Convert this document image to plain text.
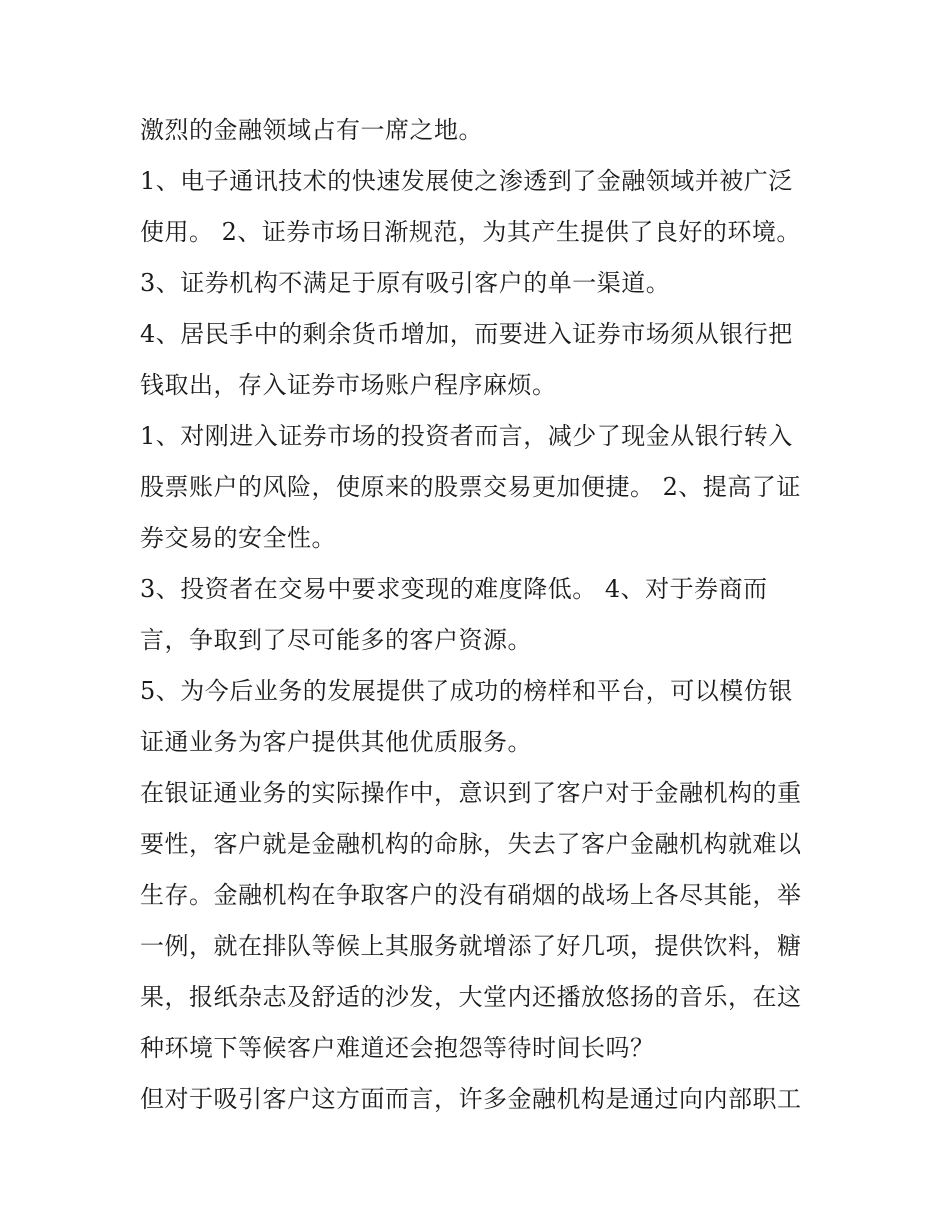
激烈的金融领域占有一席之地。
1、电子通讯技术的快速发展使之渗透到了金融领域并被广泛
使用。 2、证券市场日渐规范，为其产生提供了良好的环境。
3、证券机构不满足于原有吸引客户的单一渠道。
4、居民手中的剩余货币增加，而要进入证券市场须从银行把
钱取出，存入证券市场账户程序麻烦。
1、对刚进入证券市场的投资者而言，减少了现金从银行转入
股票账户的风险，使原来的股票交易更加便捷。 2、提高了证
券交易的安全性。
3、投资者在交易中要求变现的难度降低。 4、对于券商而
言，争取到了尽可能多的客户资源。
5、为今后业务的发展提供了成功的榜样和平台，可以模仿银
证通业务为客户提供其他优质服务。
在银证通业务的实际操作中，意识到了客户对于金融机构的重
要性，客户就是金融机构的命脉，失去了客户金融机构就难以
生存。金融机构在争取客户的没有硝烟的战场上各尽其能，举
一例，就在排队等候上其服务就增添了好几项，提供饮料，糖
果，报纸杂志及舒适的沙发，大堂内还播放悠扬的音乐，在这
种环境下等候客户难道还会抱怨等待时间长吗？
但对于吸引客户这方面而言，许多金融机构是通过向内部职工
